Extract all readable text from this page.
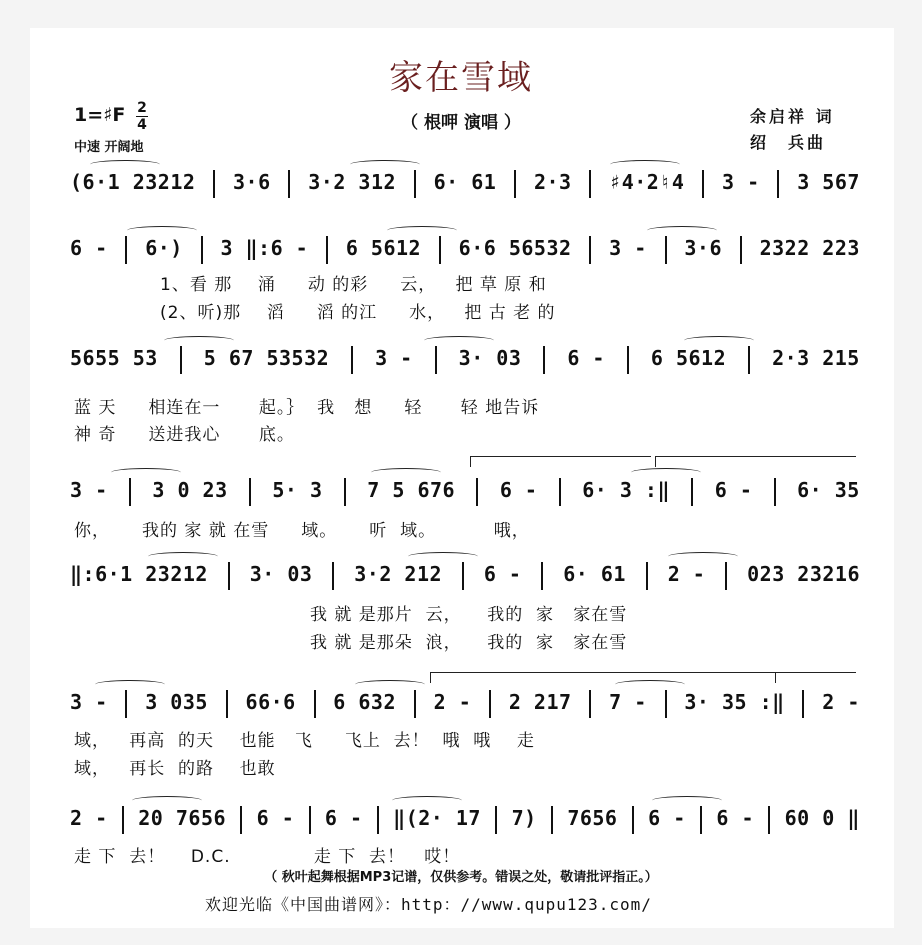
家在雪域
（ 根呷 演唱 ）	余启祥 词
绍　兵曲
1=♯F 2
4
中速 开阔地
(6·1 23212 3·6 3·2 312 6· 61 2·3 ♯4·2♮4 3 - 3 567
6 - 6·) 3 ‖:6 - 6 5612 6·6 56532 3 - 3·6 2322 223
1、看 那    涌     动 的彩     云，   把 草 原 和
(2、听)那    滔     滔 的江     水，   把 古 老 的
5655 53 5 67 53532 3 - 3· 03 6 - 6 5612 2·3 215
蓝 天     相连在一      起。｝  我   想     轻      轻 地告诉
神 奇     送进我心      底。
3 - 3 0 23 5· 3 7 5 676 6 - 6· 3 :‖ 6 - 6· 35
你，     我的 家 就 在雪     域。     听  域。         哦，
‖:6·1 23212 3· 03 3·2 212 6 - 6· 61 2 - 023 23216
我 就 是那片  云，    我的  家   家在雪
我 就 是那朵  浪，    我的  家   家在雪
3 - 3 035 66·6 6 632 2 - 2 217 7 - 3· 35 :‖ 2 -
域，   再高  的天    也能   飞     飞上  去！  哦  哦    走
域，   再长  的路    也敢
2 - 20 7656 6 - 6 - ‖(2· 17 7) 7656 6 - 6 - 60 0 ‖
走 下  去！    D.C.             走 下  去！   哎！
（ 秋叶起舞根据MP3记谱，仅供参考。错误之处，敬请批评指正。）
欢迎光临《中国曲谱网》：http：//www.qupu123.com/
